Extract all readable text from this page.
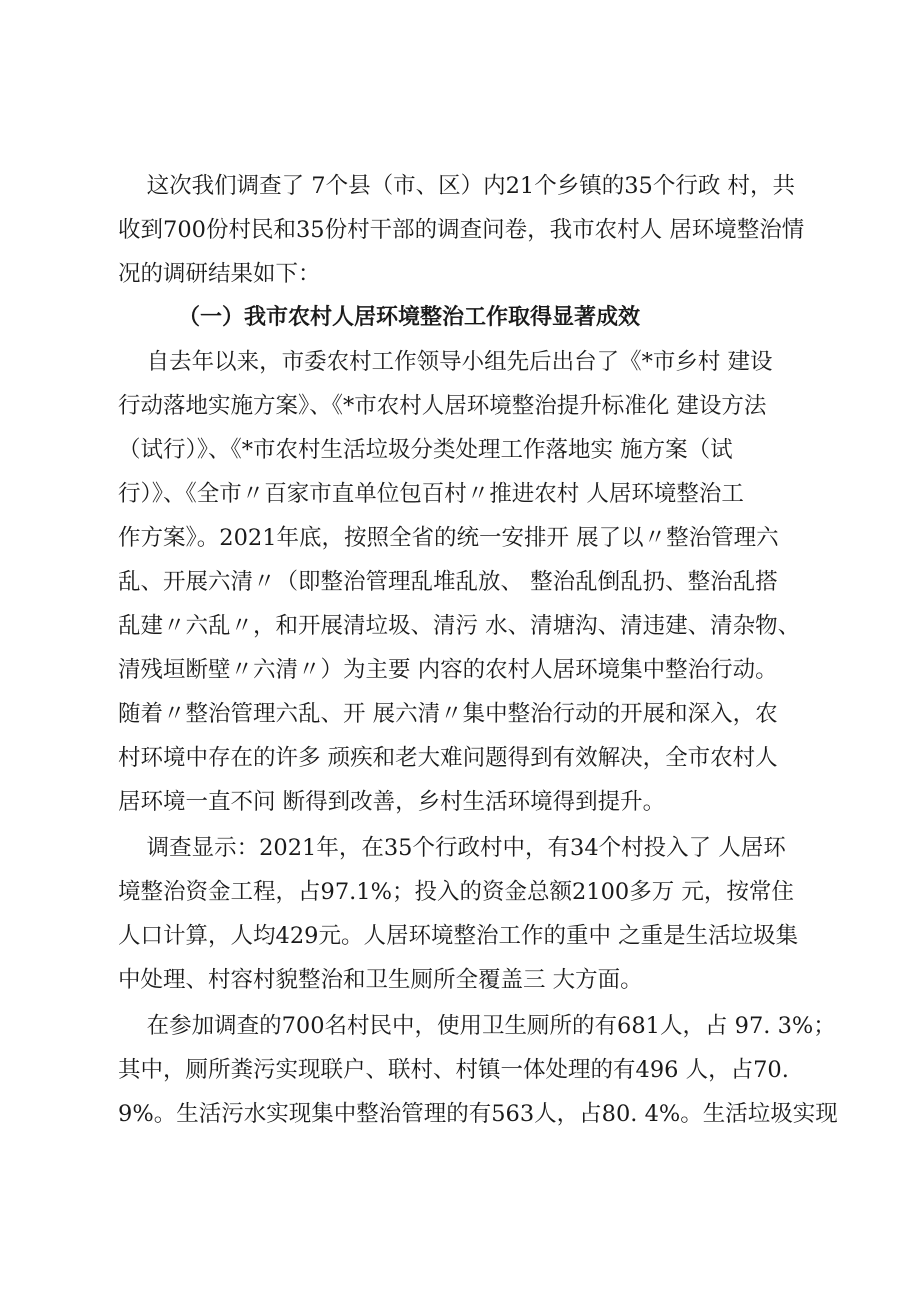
这次我们调查了 7个县（市、区）内21个乡镇的35个行政 村，共
收到700份村民和35份村干部的调查问卷，我市农村人 居环境整治情
况的调研结果如下：
（一）我市农村人居环境整治工作取得显著成效
自去年以来，市委农村工作领导小组先后出台了《*市乡村 建设
行动落地实施方案》、《*市农村人居环境整治提升标准化 建设方法
（试行）》、《*市农村生活垃圾分类处理工作落地实 施方案（试
行）》、《全市〃百家市直单位包百村〃推进农村 人居环境整治工
作方案》。2021年底，按照全省的统一安排开 展了以〃整治管理六
乱、开展六清〃（即整治管理乱堆乱放、 整治乱倒乱扔、整治乱搭
乱建〃六乱〃，和开展清垃圾、清污 水、清塘沟、清违建、清杂物、
清残垣断壁〃六清〃）为主要 内容的农村人居环境集中整治行动。
随着〃整治管理六乱、开 展六清〃集中整治行动的开展和深入，农
村环境中存在的许多 顽疾和老大难问题得到有效解决，全市农村人
居环境一直不问 断得到改善，乡村生活环境得到提升。
调查显示：2021年，在35个行政村中，有34个村投入了 人居环
境整治资金工程，占97.1%；投入的资金总额2100多万 元，按常住
人口计算，人均429元。人居环境整治工作的重中 之重是生活垃圾集
中处理、村容村貌整治和卫生厕所全覆盖三 大方面。
在参加调查的700名村民中，使用卫生厕所的有681人，占 97. 3%；
其中，厕所粪污实现联户、联村、村镇一体处理的有496 人，占70.
9%。生活污水实现集中整治管理的有563人，占80. 4%。生活垃圾实现
